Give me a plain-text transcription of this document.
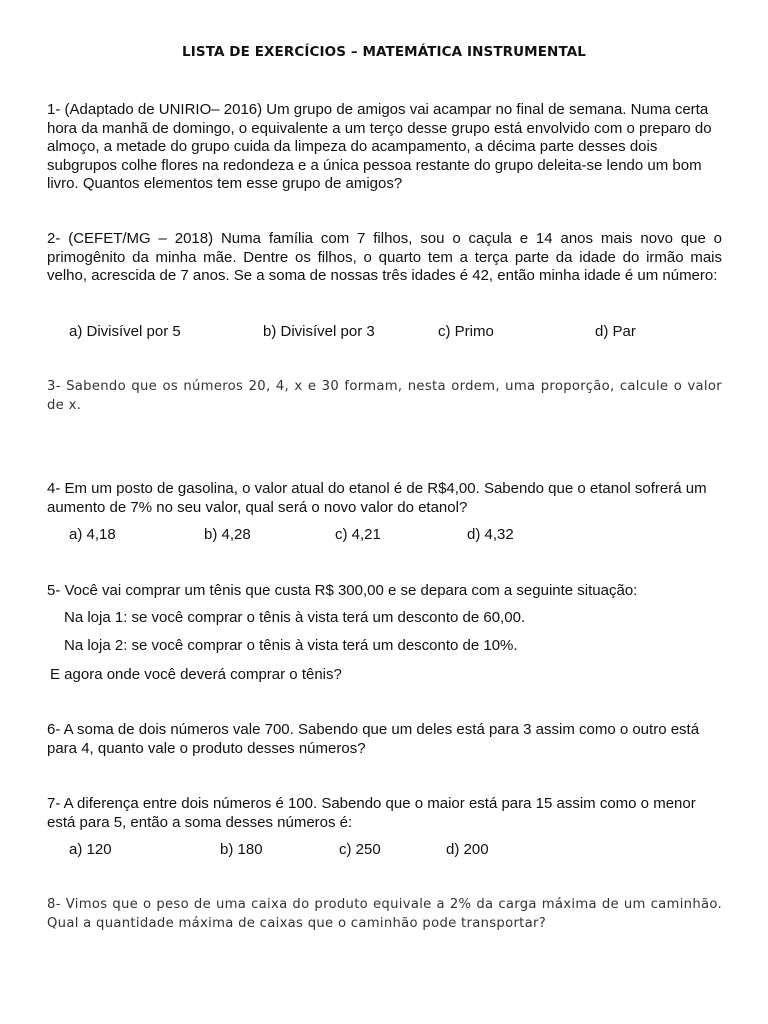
LISTA DE EXERCÍCIOS – MATEMÁTICA INSTRUMENTAL
1- (Adaptado de UNIRIO– 2016) Um grupo de amigos vai acampar no final de semana. Numa certa hora da manhã de domingo, o equivalente a um terço desse grupo está envolvido com o preparo do almoço, a metade do grupo cuida da limpeza do acampamento, a décima parte desses dois subgrupos colhe flores na redondeza e a única pessoa restante do grupo deleita-se lendo um bom livro. Quantos elementos tem esse grupo de amigos?
2- (CEFET/MG – 2018) Numa família com 7 filhos, sou o caçula e 14 anos mais novo que o primogênito da minha mãe. Dentre os filhos, o quarto tem a terça parte da idade do irmão mais velho, acrescida de 7 anos. Se a soma de nossas três idades é 42, então minha idade é um número:
a) Divisível por 5	b) Divisível por 3	c) Primo	d) Par
3- Sabendo que os números 20, 4, x e 30 formam, nesta ordem, uma proporção, calcule o valor de x.
4- Em um posto de gasolina, o valor atual do etanol é de R$4,00. Sabendo que o etanol sofrerá um aumento de 7% no seu valor, qual será o novo valor do etanol?
a) 4,18	b) 4,28	c) 4,21	d) 4,32
5- Você vai comprar um tênis que custa R$ 300,00 e se depara com a seguinte situação:
Na loja 1: se você comprar o tênis à vista terá um desconto de 60,00.
Na loja 2: se você comprar o tênis à vista terá um desconto de 10%.
E agora onde você deverá comprar o tênis?
6- A soma de dois números vale 700. Sabendo que um deles está para 3 assim como o outro está para 4, quanto vale o produto desses números?
7- A diferença entre dois números é 100. Sabendo que o maior está para 15 assim como o menor está para 5, então a soma desses números é:
a) 120	b) 180	c) 250	d) 200
8- Vimos que o peso de uma caixa do produto equivale a 2% da carga máxima de um caminhão. Qual a quantidade máxima de caixas que o caminhão pode transportar?
